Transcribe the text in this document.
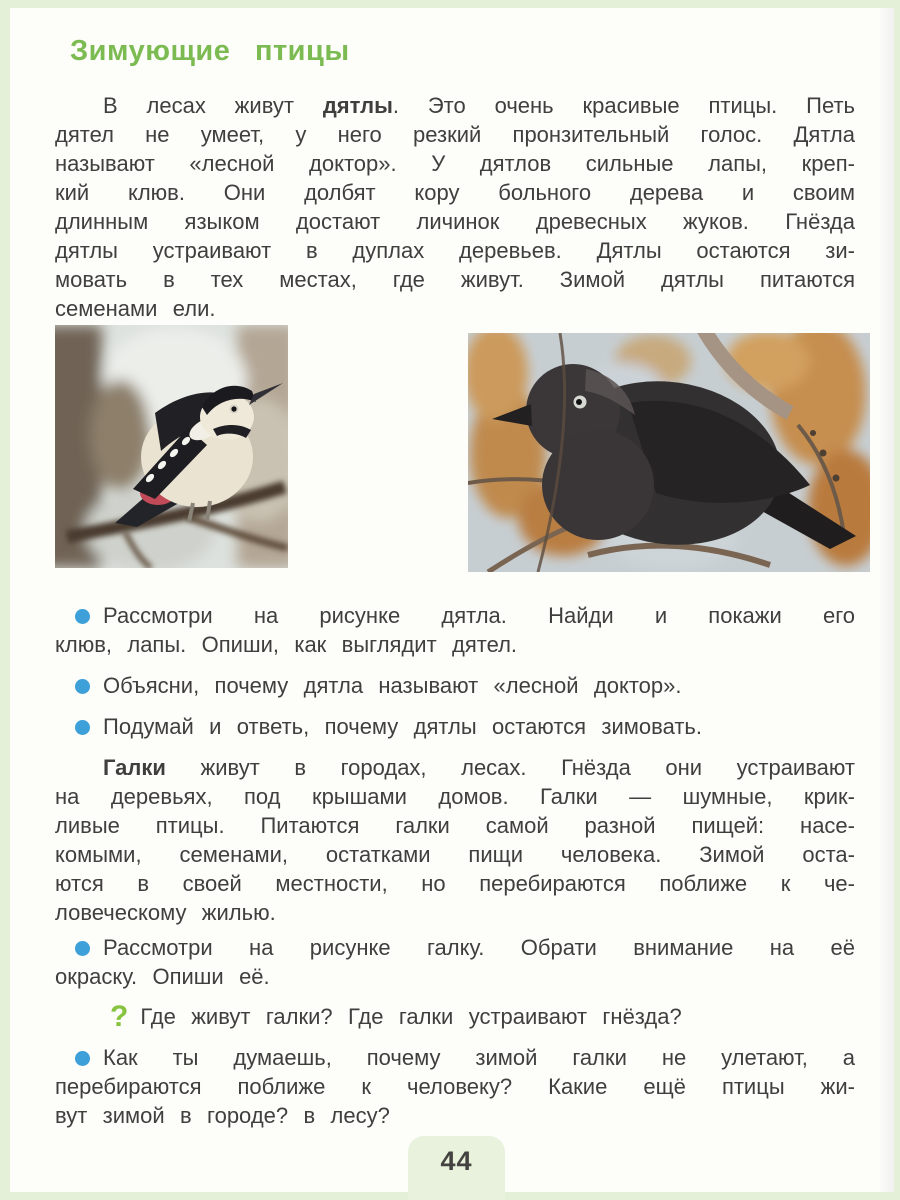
Зимующие птицы
В лесах живут дятлы. Это очень красивые птицы. Петь
дятел не умеет, у него резкий пронзительный голос. Дятла
называют «лесной доктор». У дятлов сильные лапы, креп-
кий клюв. Они долбят кору больного дерева и своим
длинным языком достают личинок древесных жуков. Гнёзда
дятлы устраивают в дуплах деревьев. Дятлы остаются зи-
мовать в тех местах, где живут. Зимой дятлы питаются
семенами ели.
Рассмотри на рисунке дятла. Найди и покажи его
клюв, лапы. Опиши, как выглядит дятел.
Объясни, почему дятла называют «лесной доктор».
Подумай и ответь, почему дятлы остаются зимовать.
Галки живут в городах, лесах. Гнёзда они устраивают
на деревьях, под крышами домов. Галки — шумные, крик-
ливые птицы. Питаются галки самой разной пищей: насе-
комыми, семенами, остатками пищи человека. Зимой оста-
ются в своей местности, но перебираются поближе к че-
ловеческому жилью.
Рассмотри на рисунке галку. Обрати внимание на её
окраску. Опиши её.
? Где живут галки? Где галки устраивают гнёзда?
Как ты думаешь, почему зимой галки не улетают, а
перебираются поближе к человеку? Какие ещё птицы жи-
вут зимой в городе? в лесу?
44
